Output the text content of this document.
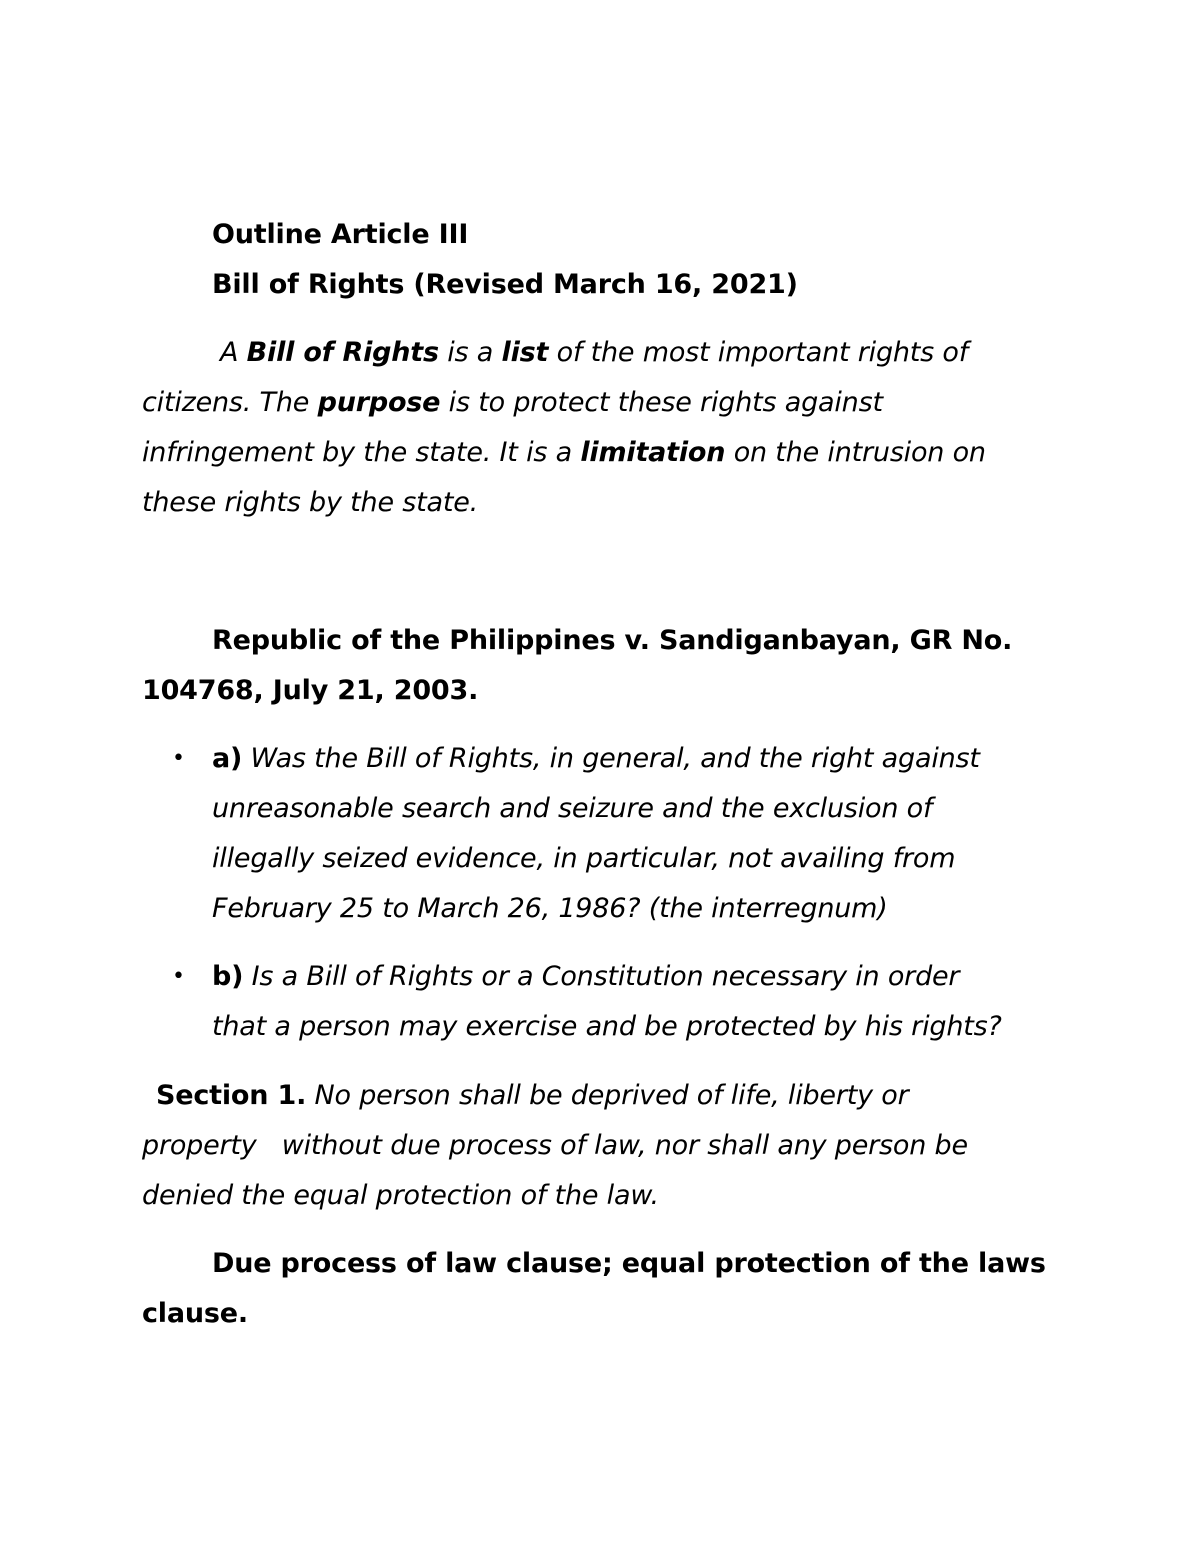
Outline Article III
Bill of Rights (Revised March 16, 2021)
A Bill of Rights is a list of the most important rights of
citizens. The purpose is to protect these rights against
infringement by the state. It is a limitation on the intrusion on
these rights by the state.
Republic of the Philippines v. Sandiganbayan, GR No.
104768, July 21, 2003.
• a) Was the Bill of Rights, in general, and the right against
unreasonable search and seizure and the exclusion of
illegally seized evidence, in particular, not availing from
February 25 to March 26, 1986? (the interregnum)
• b) Is a Bill of Rights or a Constitution necessary in order
that a person may exercise and be protected by his rights?
Section 1. No person shall be deprived of life, liberty or
property   without due process of law, nor shall any person be
denied the equal protection of the law.
Due process of law clause; equal protection of the laws
clause.
